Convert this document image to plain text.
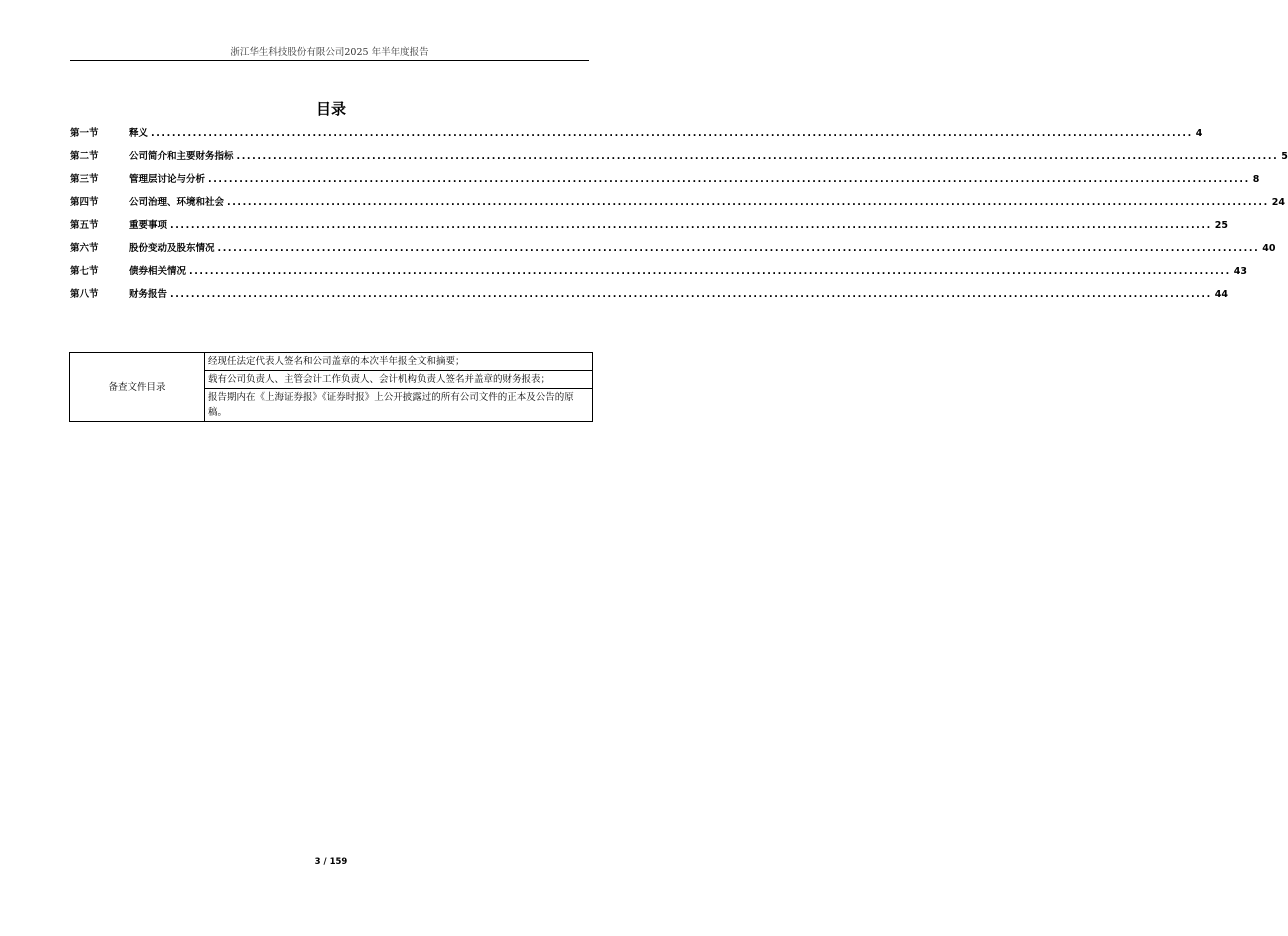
浙江华生科技股份有限公司2025 年半年度报告
目录
第一节	释义 ........................................................................................................................................................................................................ 4
第二节	公司简介和主要财务指标 ........................................................................................................................................................................................................ 5
第三节	管理层讨论与分析 ........................................................................................................................................................................................................ 8
第四节	公司治理、环境和社会 ........................................................................................................................................................................................................ 24
第五节	重要事项 ........................................................................................................................................................................................................ 25
第六节	股份变动及股东情况 ........................................................................................................................................................................................................ 40
第七节	债券相关情况 ........................................................................................................................................................................................................ 43
第八节	财务报告 ........................................................................................................................................................................................................ 44
备查文件目录	经现任法定代表人签名和公司盖章的本次半年报全文和摘要；
载有公司负责人、主管会计工作负责人、会计机构负责人签名并盖章的财务报表；
报告期内在《上海证券报》《证券时报》上公开披露过的所有公司文件的正本及公告的原稿。
3 / 159
